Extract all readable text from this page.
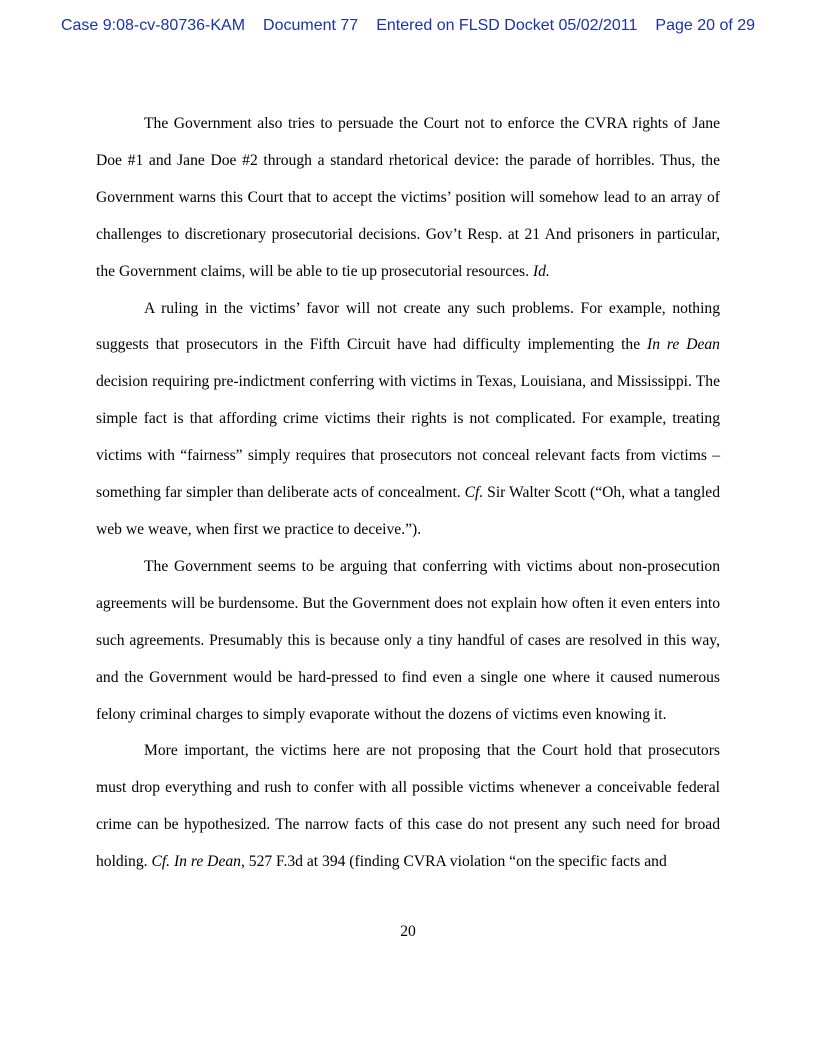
Case 9:08-cv-80736-KAM Document 77 Entered on FLSD Docket 05/02/2011 Page 20 of 29

The Government also tries to persuade the Court not to enforce the CVRA rights of Jane Doe #1 and Jane Doe #2 through a standard rhetorical device: the parade of horribles. Thus, the Government warns this Court that to accept the victims’ position will somehow lead to an array of challenges to discretionary prosecutorial decisions. Gov’t Resp. at 21 And prisoners in particular, the Government claims, will be able to tie up prosecutorial resources. Id.

A ruling in the victims’ favor will not create any such problems. For example, nothing suggests that prosecutors in the Fifth Circuit have had difficulty implementing the In re Dean decision requiring pre-indictment conferring with victims in Texas, Louisiana, and Mississippi. The simple fact is that affording crime victims their rights is not complicated. For example, treating victims with “fairness” simply requires that prosecutors not conceal relevant facts from victims – something far simpler than deliberate acts of concealment. Cf. Sir Walter Scott (“Oh, what a tangled web we weave, when first we practice to deceive.”).

The Government seems to be arguing that conferring with victims about non-prosecution agreements will be burdensome. But the Government does not explain how often it even enters into such agreements. Presumably this is because only a tiny handful of cases are resolved in this way, and the Government would be hard-pressed to find even a single one where it caused numerous felony criminal charges to simply evaporate without the dozens of victims even knowing it.

More important, the victims here are not proposing that the Court hold that prosecutors must drop everything and rush to confer with all possible victims whenever a conceivable federal crime can be hypothesized. The narrow facts of this case do not present any such need for broad holding. Cf. In re Dean, 527 F.3d at 394 (finding CVRA violation “on the specific facts and

20
